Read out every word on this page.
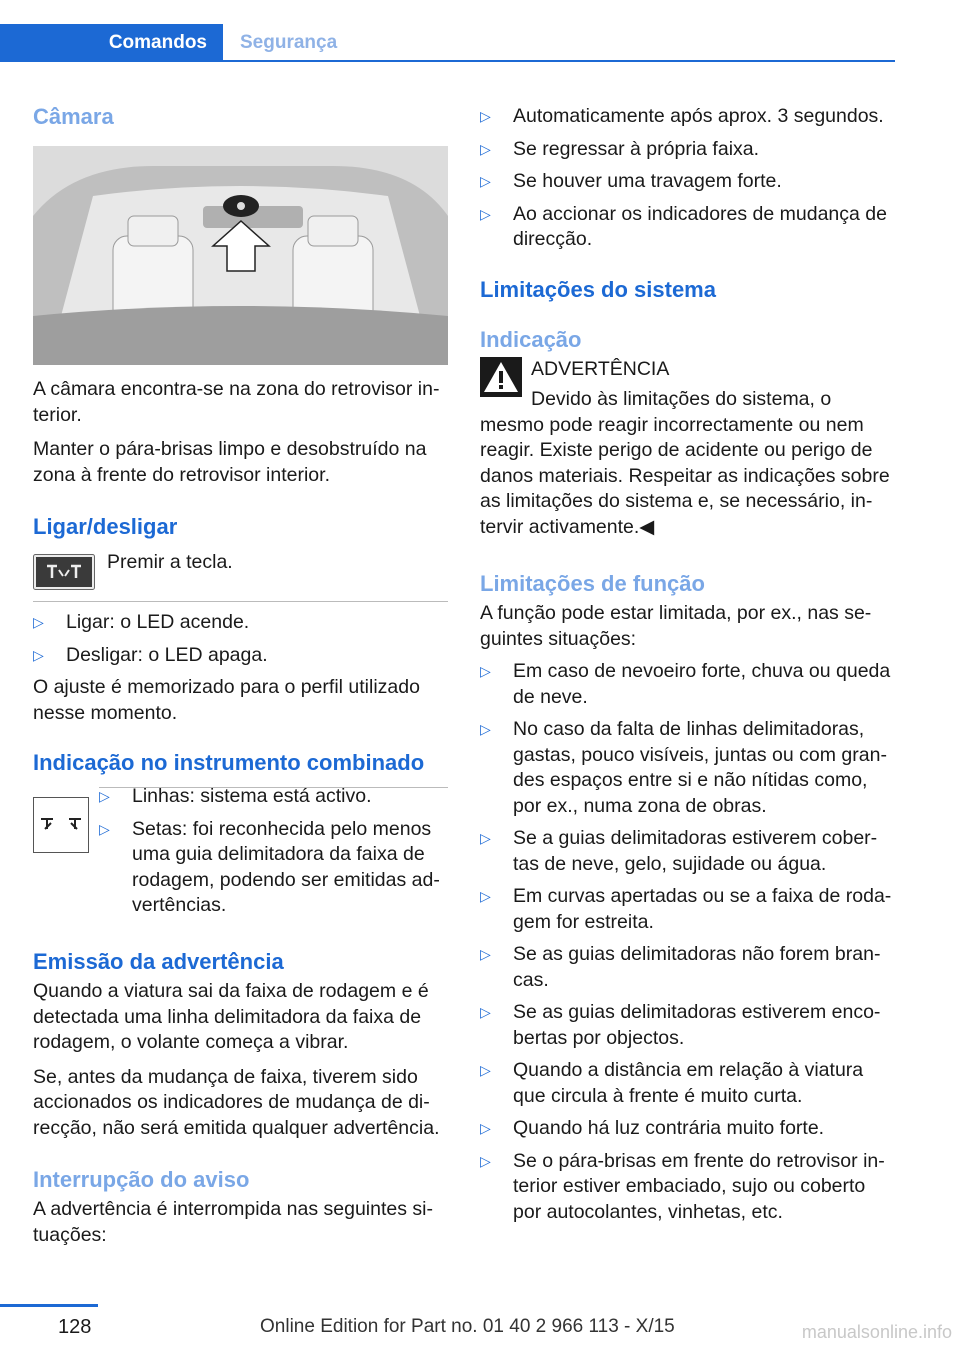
Comandos	Segurança
Câmara

A câmara encontra-se na zona do retrovisor in-terior.

Manter o pára-brisas limpo e desobstruído na zona à frente do retrovisor interior.

Ligar/desligar
Premir a tecla.
▷ Ligar: o LED acende.
▷ Desligar: o LED apaga.

O ajuste é memorizado para o perfil utilizado nesse momento.

Indicação no instrumento combinado
▷ Linhas: sistema está activo.
▷ Setas: foi reconhecida pelo menos uma guia delimitadora da faixa de rodagem, podendo ser emitidas ad-vertências.
Emissão da advertência

Quando a viatura sai da faixa de rodagem e é detectada uma linha delimitadora da faixa de rodagem, o volante começa a vibrar.

Se, antes da mudança de faixa, tiverem sido accionados os indicadores de mudança de di-recção, não será emitida qualquer advertência.

Interrupção do aviso

A advertência é interrompida nas seguintes si-tuações:

▷ Automaticamente após aprox. 3 segundos.
▷ Se regressar à própria faixa.
▷ Se houver uma travagem forte.
▷ Ao accionar os indicadores de mudança de direcção.
Limitações do sistema
Indicação

ADVERTÊNCIA

Devido às limitações do sistema, o mesmo pode reagir incorrectamente ou nem reagir. Existe perigo de acidente ou perigo de danos materiais. Respeitar as indicações sobre as limitações do sistema e, se necessário, in-tervir activamente.◀

Limitações de função

A função pode estar limitada, por ex., nas se-guintes situações:

▷ Em caso de nevoeiro forte, chuva ou queda de neve.
▷ No caso da falta de linhas delimitadoras, gastas, pouco visíveis, juntas ou com gran-des espaços entre si e não nítidas como, por ex., numa zona de obras.
▷ Se a guias delimitadoras estiverem cober-tas de neve, gelo, sujidade ou água.
▷ Em curvas apertadas ou se a faixa de roda-gem for estreita.
▷ Se as guias delimitadoras não forem bran-cas.
▷ Se as guias delimitadoras estiverem enco-bertas por objectos.
▷ Quando a distância em relação à viatura que circula à frente é muito curta.
▷ Quando há luz contrária muito forte.
▷ Se o pára-brisas em frente do retrovisor in-terior estiver embaciado, sujo ou coberto por autocolantes, vinhetas, etc.
128	Online Edition for Part no. 01 40 2 966 113 - X/15	manualsonline.info
